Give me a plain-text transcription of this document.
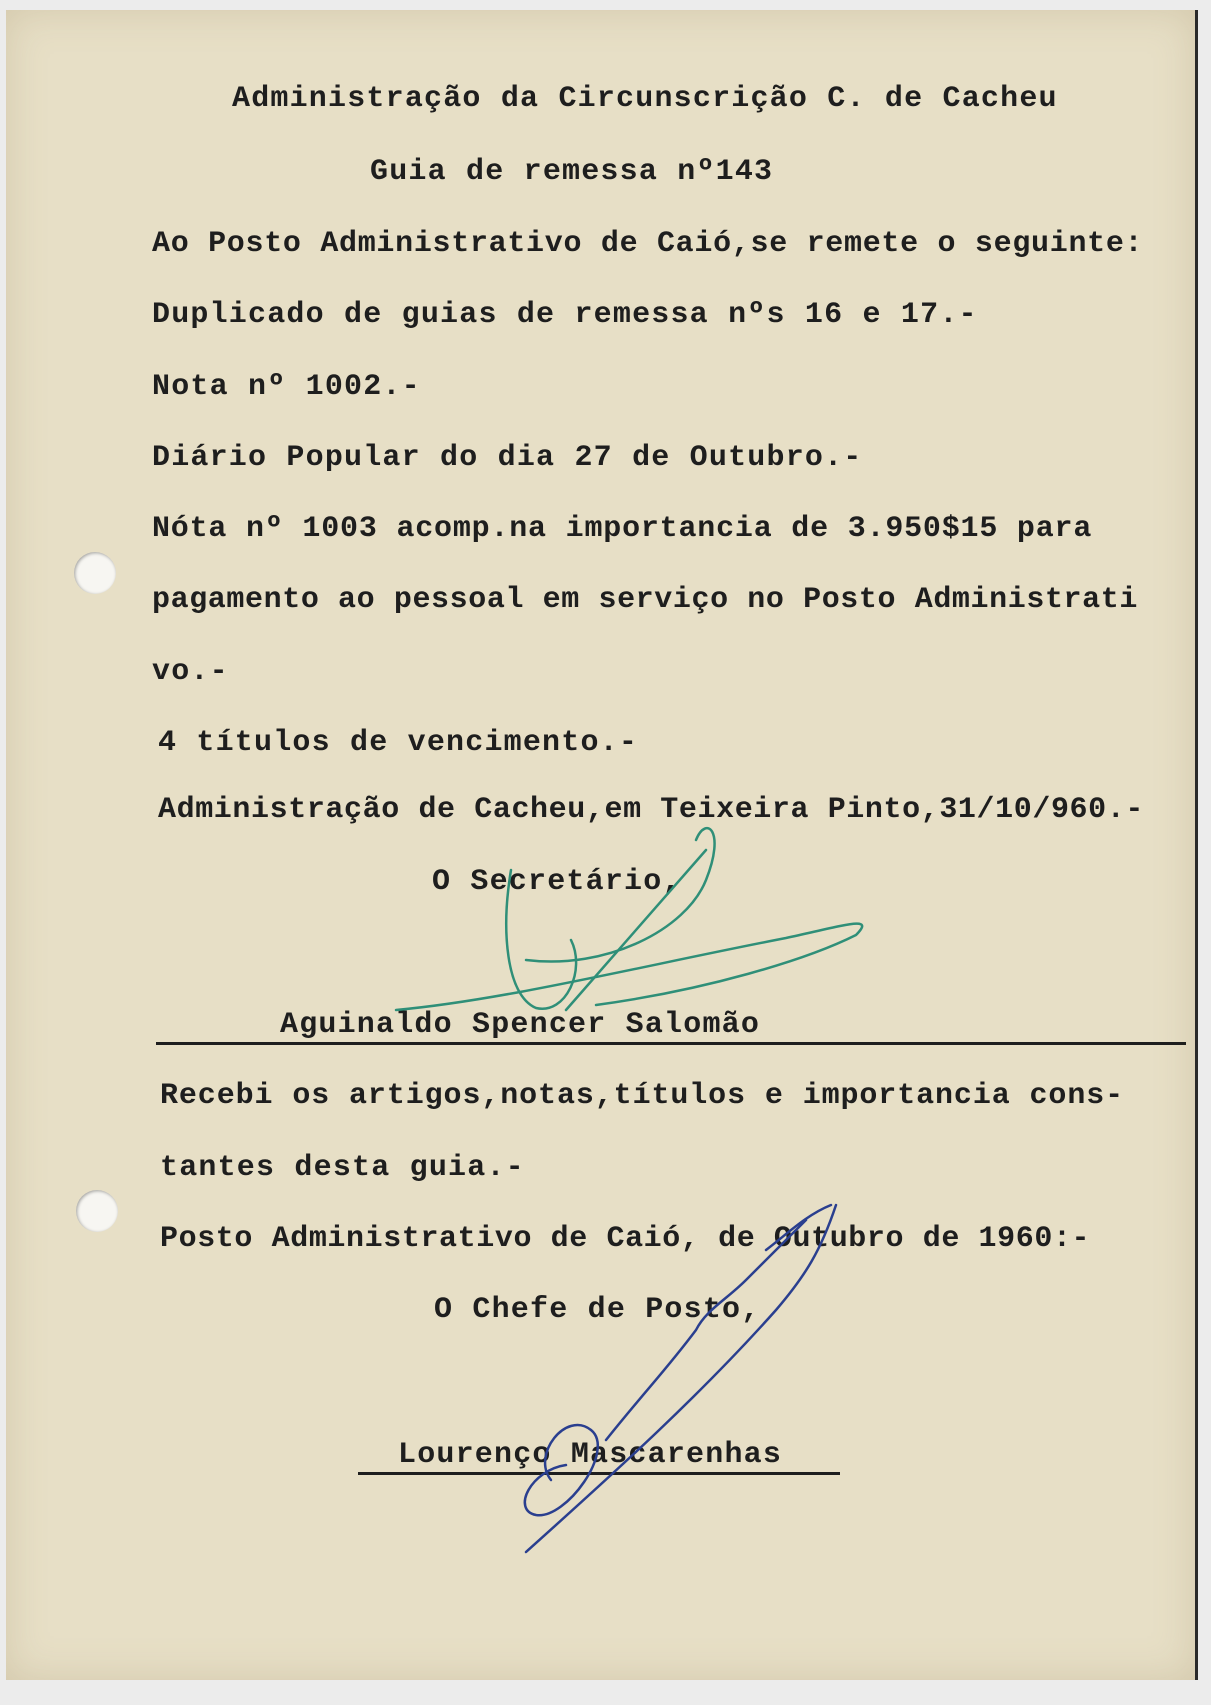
Administração da Circunscrição C. de Cacheu
Guia de remessa nº143
Ao Posto Administrativo de Caió,se remete o seguinte:
Duplicado de guias de remessa nºs 16 e 17.-
Nota nº 1002.-
Diário Popular do dia 27 de Outubro.-
Nóta nº 1003 acomp.na importancia de 3.950$15 para
pagamento ao pessoal em serviço no Posto Administrati
vo.-
4 títulos de vencimento.-
Administração de Cacheu,em Teixeira Pinto,31/10/960.-
O Secretário,
Aguinaldo Spencer Salomão
Recebi os artigos,notas,títulos e importancia cons-
tantes desta guia.-
Posto Administrativo de Caió, de Outubro de 1960:-
O Chefe de Posto,
Lourenço Mascarenhas
